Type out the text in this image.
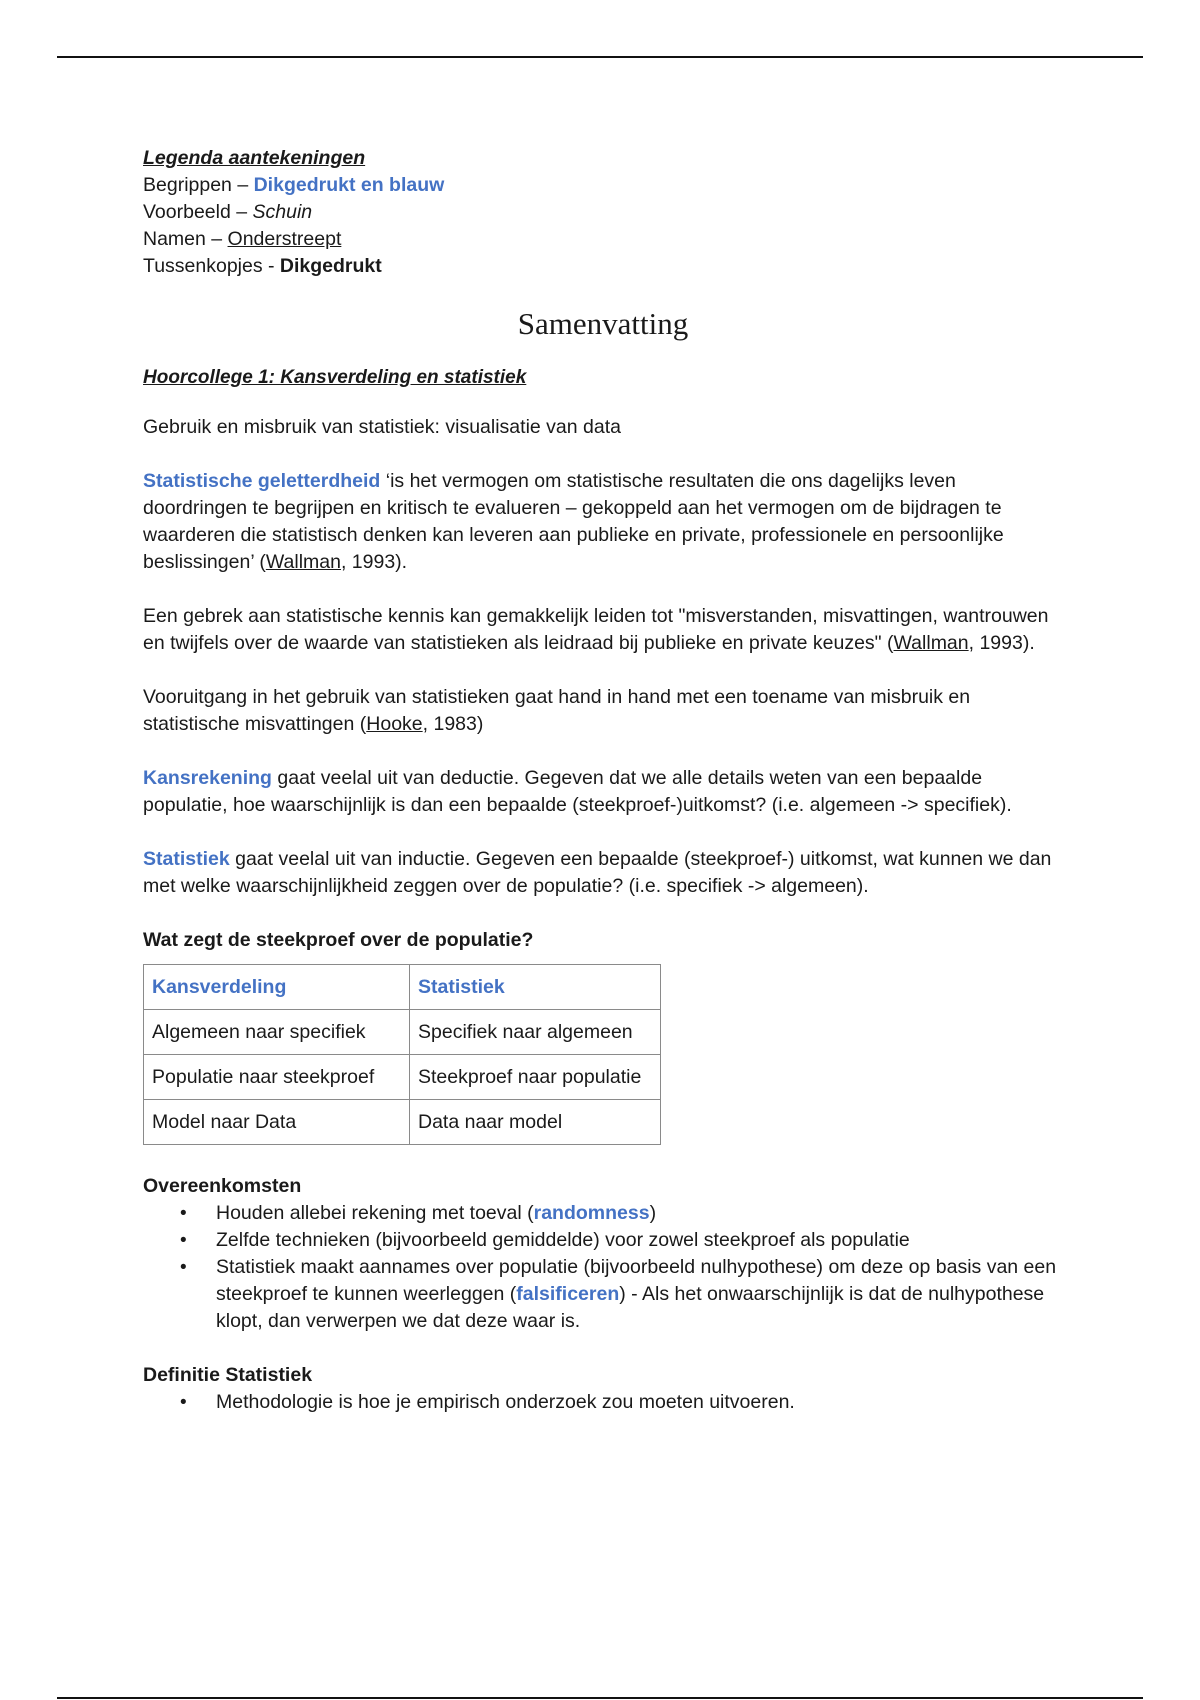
Legenda aantekeningen
Begrippen – Dikgedrukt en blauw
Voorbeeld – Schuin
Namen – Onderstreept
Tussenkopjes - Dikgedrukt
Samenvatting
Hoorcollege 1: Kansverdeling en statistiek

Gebruik en misbruik van statistiek: visualisatie van data

Statistische geletterdheid ‘is het vermogen om statistische resultaten die ons dagelijks leven doordringen te begrijpen en kritisch te evalueren – gekoppeld aan het vermogen om de bijdragen te waarderen die statistisch denken kan leveren aan publieke en private, professionele en persoonlijke beslissingen’ (Wallman, 1993).

Een gebrek aan statistische kennis kan gemakkelijk leiden tot "misverstanden, misvattingen, wantrouwen en twijfels over de waarde van statistieken als leidraad bij publieke en private keuzes" (Wallman, 1993).

Vooruitgang in het gebruik van statistieken gaat hand in hand met een toename van misbruik en statistische misvattingen (Hooke, 1983)

Kansrekening gaat veelal uit van deductie. Gegeven dat we alle details weten van een bepaalde populatie, hoe waarschijnlijk is dan een bepaalde (steekproef-)uitkomst? (i.e. algemeen -> specifiek).

Statistiek gaat veelal uit van inductie. Gegeven een bepaalde (steekproef-) uitkomst, wat kunnen we dan met welke waarschijnlijkheid zeggen over de populatie? (i.e. specifiek -> algemeen).

Wat zegt de steekproef over de populatie?
Kansverdeling	Statistiek
Algemeen naar specifiek	Specifiek naar algemeen
Populatie naar steekproef	Steekproef naar populatie
Model naar Data	Data naar model
Overeenkomsten
• Houden allebei rekening met toeval (randomness)
• Zelfde technieken (bijvoorbeeld gemiddelde) voor zowel steekproef als populatie
• Statistiek maakt aannames over populatie (bijvoorbeeld nulhypothese) om deze op basis van een steekproef te kunnen weerleggen (falsificeren) - Als het onwaarschijnlijk is dat de nulhypothese klopt, dan verwerpen we dat deze waar is.
Definitie Statistiek
• Methodologie is hoe je empirisch onderzoek zou moeten uitvoeren.
